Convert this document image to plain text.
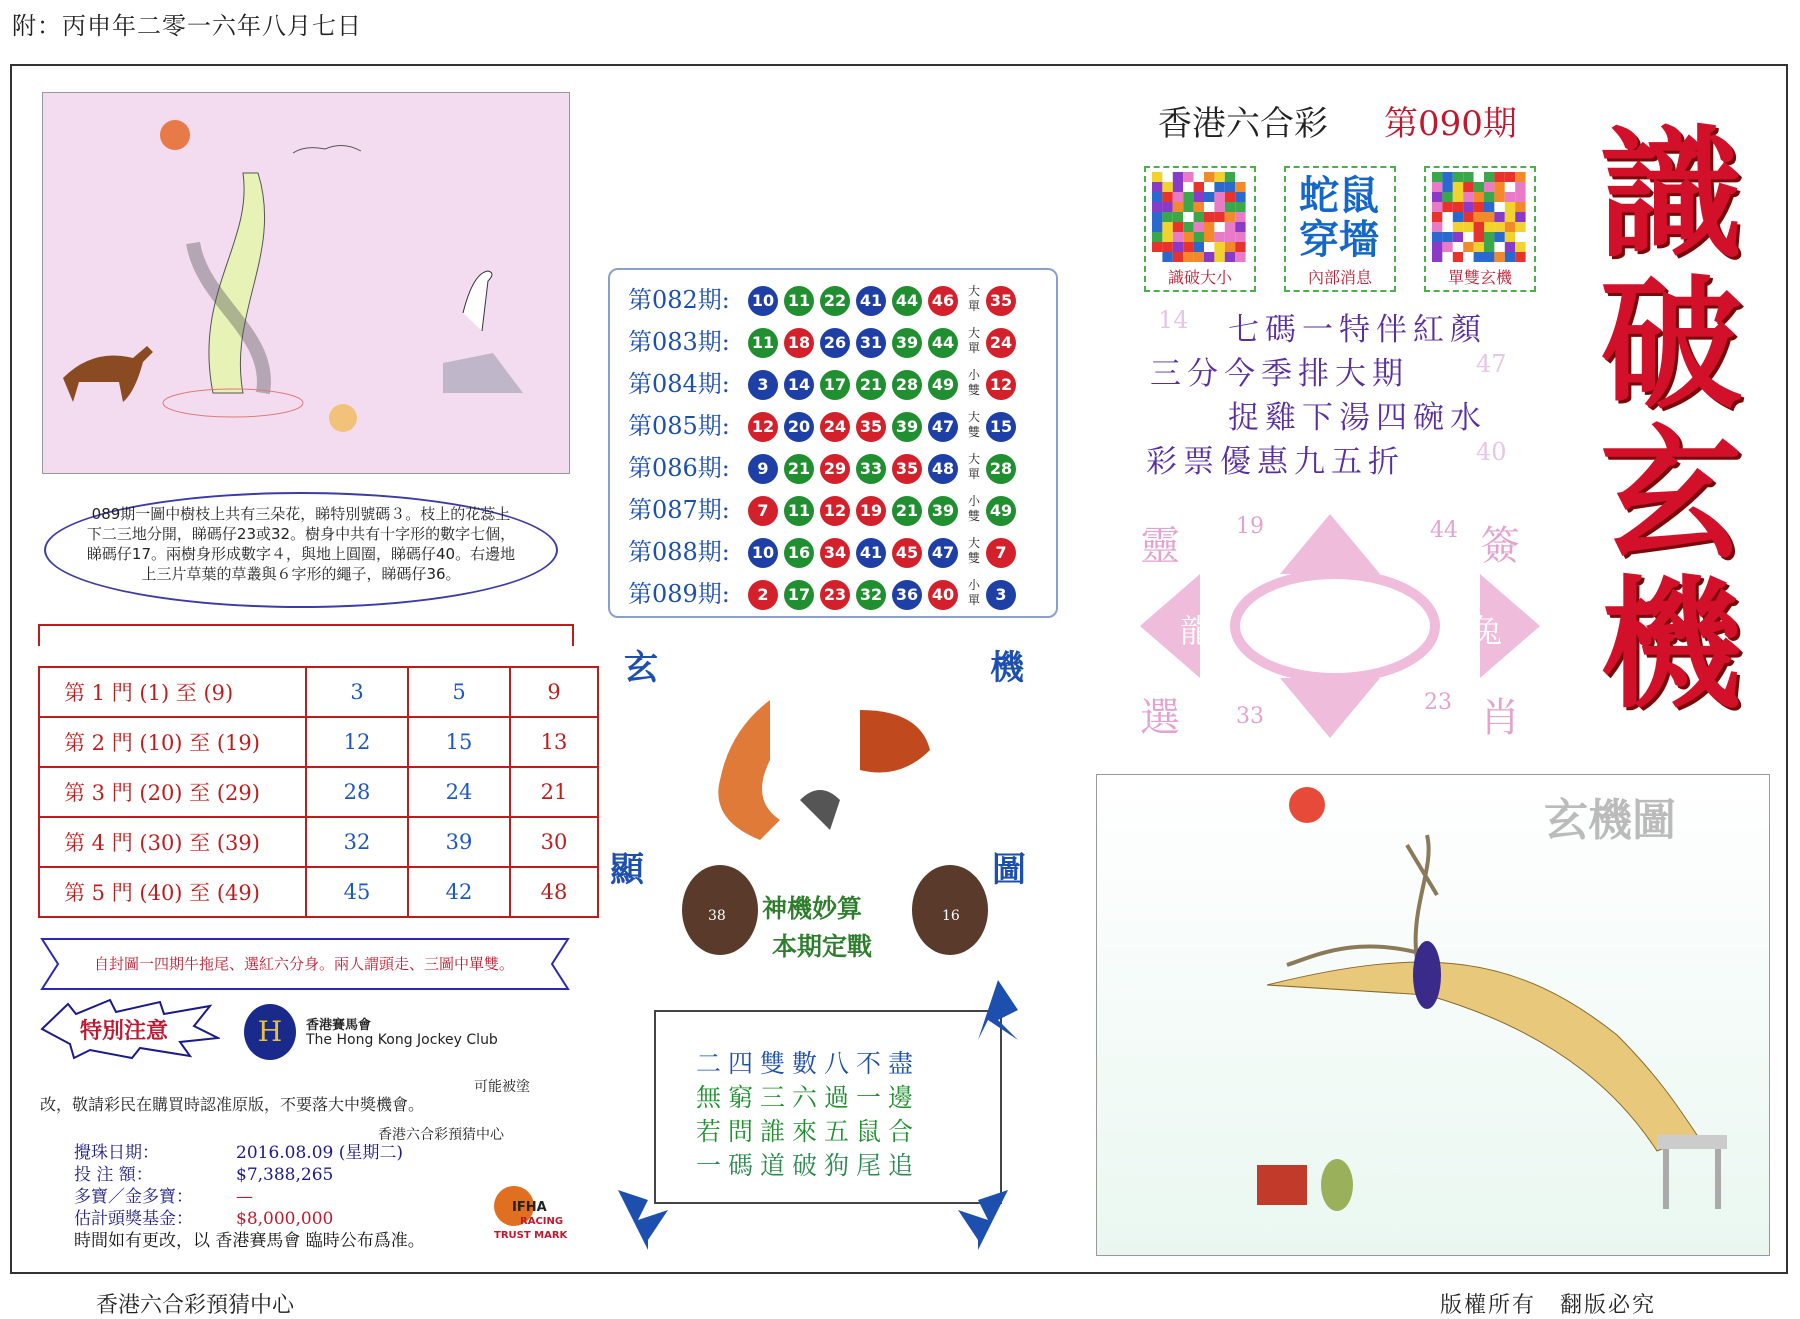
附：丙申年二零一六年八月七日

089期一圖中樹枝上共有三朵花，睇特別號碼３。枝上的花蕊上下二三地分開，睇碼仔23或32。樹身中共有十字形的數字七個，睇碼仔17。兩樹身形成數字４，與地上圓圈，睇碼仔40。右邊地上三片草葉的草叢與６字形的繩子，睇碼仔36。

第 1 門 (1) 至 (9)	3	5	9
第 2 門 (10) 至 (19)	12	15	13
第 3 門 (20) 至 (29)	28	24	21
第 4 門 (30) 至 (39)	32	39	30
第 5 門 (40) 至 (49)	45	42	48
自封圖一四期牛拖尾、選紅六分身。兩人謂頭走、三圖中單雙。
特別注意	H	香港賽馬會
The Hong Kong Jockey Club
可能被塗
改，敬請彩民在購買時認准原版，不要落大中獎機會。
香港六合彩預猜中心
攪珠日期：	2016.08.09 (星期二)
投 注 額：	$7,388,265
多寶／金多寶：	—
估計頭獎基金：	$8,000,000
時間如有更改，以 香港賽馬會 臨時公布爲准。
IFHA
RACING
TRUST MARK
第082期: 10 11 22 41 44 46	大單 35
第083期: 11 18 26 31 39 44	大單 24
第084期:	3	14 17 21 28 49	小雙 12
第085期: 12 20 24 35 39 47	大雙 15
第086期:	9	21 29 33 35 48	大單 28
第087期:	7	11 12 19 21 39	小雙 49
第088期: 10 16 34 41 45 47	大雙 7
第089期:	2	17 23 32 36 40	小單 3
玄	機
顯	圖
38	16
神機妙算
本期定戰

二四雙數八不盡

無窮三六過一邊

若問誰來五鼠合

一碼道破狗尾追

香港六合彩 第090期 識
破
玄
機
識破大小
蛇鼠穿墻
內部消息	單雙玄機
七碼一特伴紅顏
三分今季排大期
捉雞下湯四碗水
彩票優惠九五折
14
47
40
靈	簽
選	肖
龍	兔
19	44
33
23
玄機圖
香港六合彩預猜中心	版權所有　翻版必究
